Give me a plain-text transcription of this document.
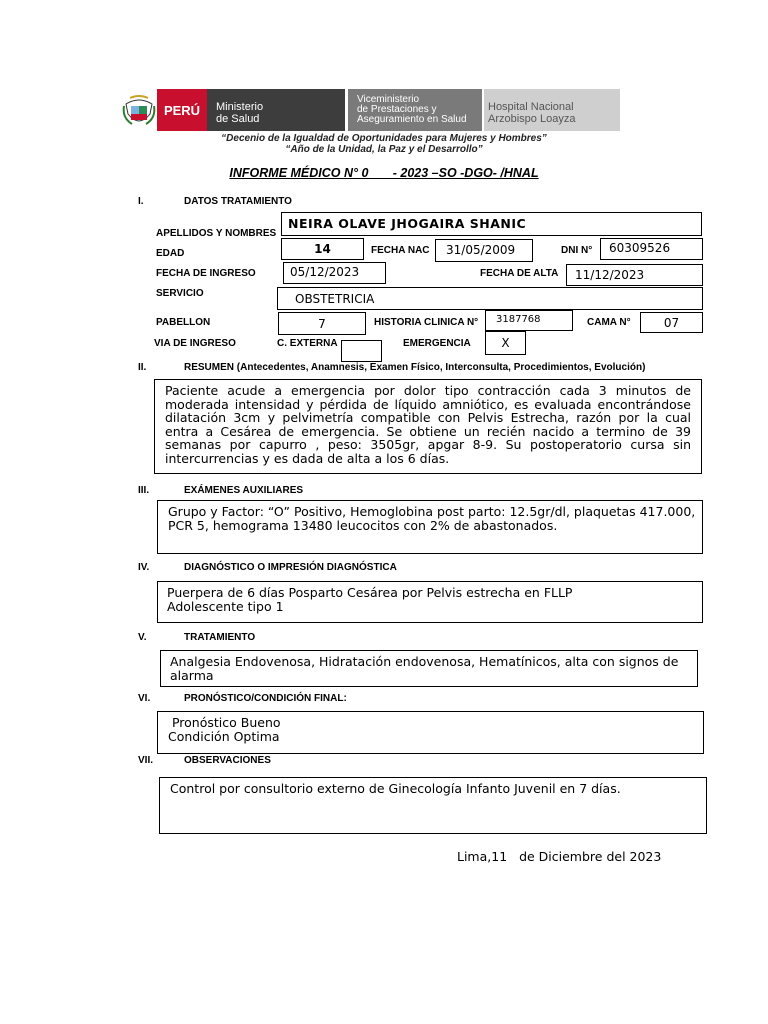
PERÚ Ministerio
de Salud
Viceministerio
de Prestaciones y
Aseguramiento en Salud
Hospital Nacional
Arzobispo Loayza
“Decenio de la Igualdad de Oportunidades para Mujeres y Hombres”
“Año de la Unidad, la Paz y el Desarrollo”
INFORME MÉDICO N° 0       - 2023 –SO -DGO- /HNAL
I.	DATOS TRATAMIENTO
APELLIDOS Y NOMBRES
NEIRA OLAVE JHOGAIRA SHANIC
EDAD	14	FECHA NAC 31/05/2009	DNI N° 60309526
FECHA DE INGRESO	05/12/2023	FECHA DE ALTA 11/12/2023
SERVICIO	OBSTETRICIA
PABELLON	7	HISTORIA CLINICA N° 3187768	CAMA N°	07
VIA DE INGRESO	C. EXTERNA	EMERGENCIA	X
II.	RESUMEN (Antecedentes, Anamnesis, Examen Físico, Interconsulta, Procedimientos, Evolución)
Paciente acude a emergencia por dolor tipo contracción cada 3 minutos de moderada intensidad y pérdida de líquido amniótico, es evaluada encontrándose dilatación 3cm y pelvimetría compatible con Pelvis Estrecha, razón por la cual entra a Cesárea de emergencia. Se obtiene un recién nacido a termino de 39 semanas por capurro , peso: 3505gr, apgar 8-9. Su postoperatorio cursa sin intercurrencias y es dada de alta a los 6 días.
III.	EXÁMENES AUXILIARES
Grupo y Factor: “O” Positivo, Hemoglobina post parto: 12.5gr/dl, plaquetas 417.000, PCR 5, hemograma 13480 leucocitos con 2% de abastonados.
IV.	DIAGNÓSTICO O IMPRESIÓN DIAGNÓSTICA
Puerpera de 6 días Posparto Cesárea por Pelvis estrecha en FLLP
Adolescente tipo 1
V.	TRATAMIENTO
Analgesia Endovenosa, Hidratación endovenosa, Hematínicos, alta con signos de alarma
VI.	PRONÓSTICO/CONDICIÓN FINAL:
Pronóstico Bueno
Condición Optima
VII.	OBSERVACIONES
Control por consultorio externo de Ginecología Infanto Juvenil en 7 días.
Lima,11   de Diciembre del 2023
